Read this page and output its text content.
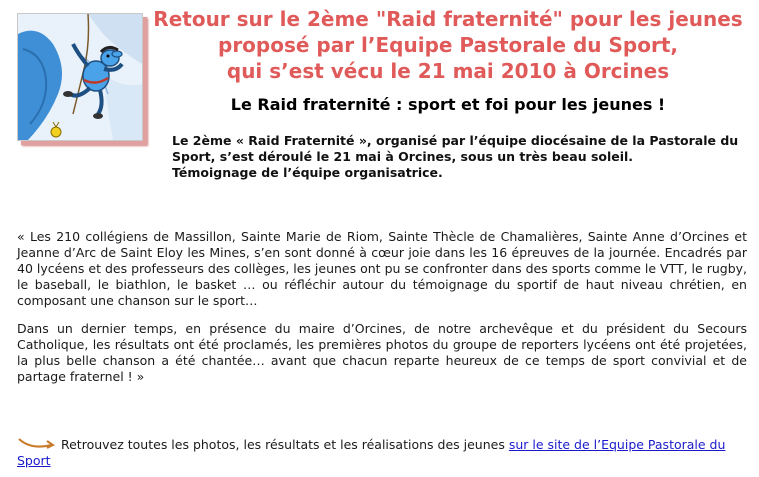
Retour sur le 2ème "Raid fraternité" pour les jeunes
proposé par l’Equipe Pastorale du Sport,
qui s’est vécu le 21 mai 2010 à Orcines
Le Raid fraternité : sport et foi pour les jeunes !

Le 2ème « Raid Fraternité », organisé par l’équipe diocésaine de la Pastorale du
Sport, s’est déroulé le 21 mai à Orcines, sous un très beau soleil.
Témoignage de l’équipe organisatrice.

« Les 210 collégiens de Massillon, Sainte Marie de Riom, Sainte Thècle de Chamalières, Sainte Anne d’Orcines et Jeanne d’Arc de Saint Eloy les Mines, s’en sont donné à cœur joie dans les 16 épreuves de la journée. Encadrés par 40 lycéens et des professeurs des collèges, les jeunes ont pu se confronter dans des sports comme le VTT, le rugby, le baseball, le biathlon, le basket … ou réfléchir autour du témoignage du sportif de haut niveau chrétien, en composant une chanson sur le sport…

Dans un dernier temps, en présence du maire d’Orcines, de notre archevêque et du président du Secours Catholique, les résultats ont été proclamés, les premières photos du groupe de reporters lycéens ont été projetées, la plus belle chanson a été chantée… avant que chacun reparte heureux de ce temps de sport convivial et de partage fraternel ! »

Retrouvez toutes les photos, les résultats et les réalisations des jeunes sur le site de l’Equipe Pastorale du Sport
